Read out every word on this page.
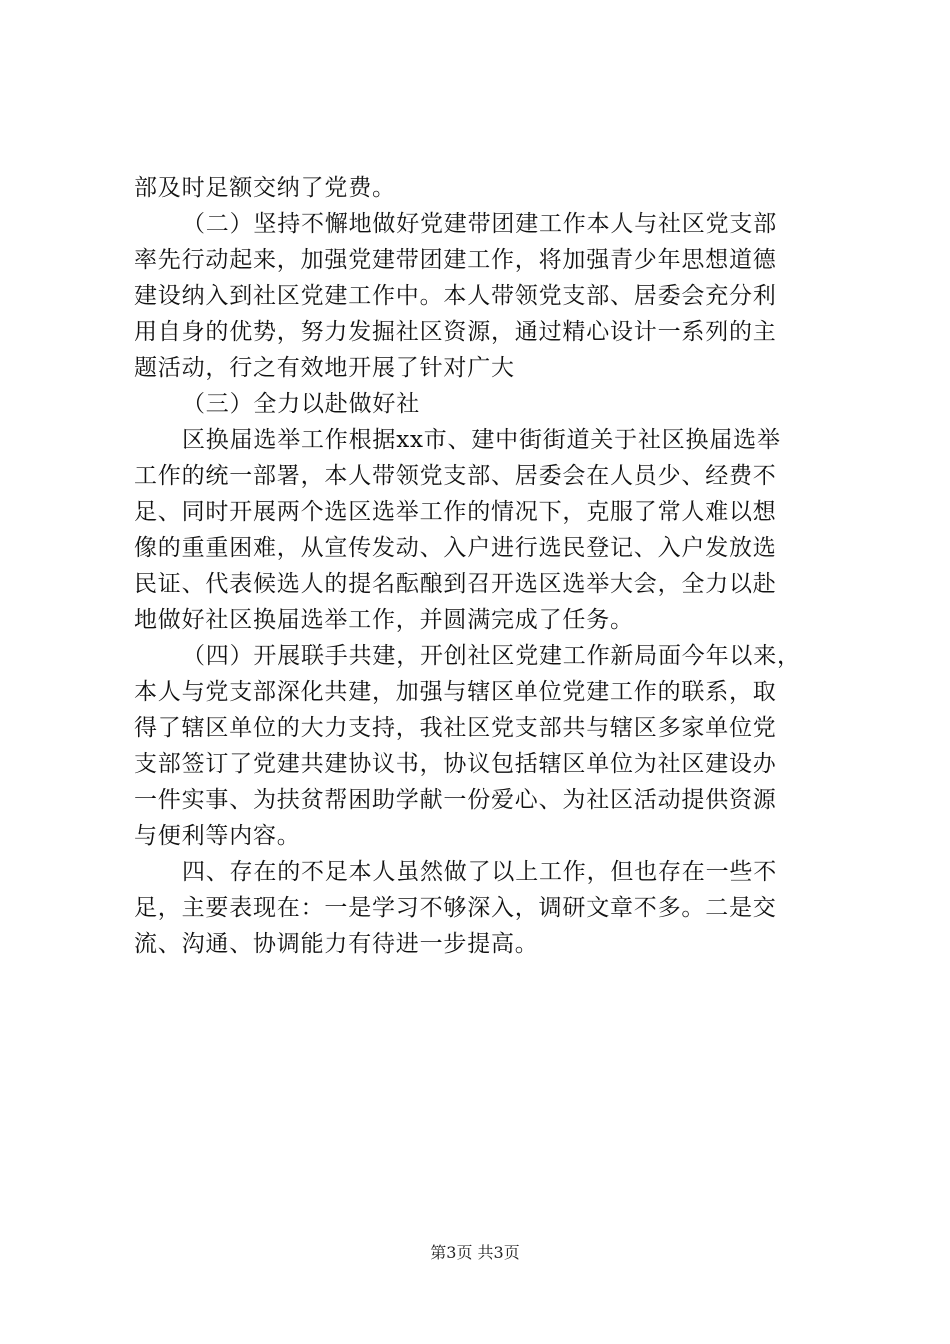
部及时足额交纳了党费。
（二）坚持不懈地做好党建带团建工作本人与社区党支部
率先行动起来，加强党建带团建工作，将加强青少年思想道德
建设纳入到社区党建工作中。本人带领党支部、居委会充分利
用自身的优势，努力发掘社区资源，通过精心设计一系列的主
题活动，行之有效地开展了针对广大
（三）全力以赴做好社
区换届选举工作根据xx市、建中街街道关于社区换届选举
工作的统一部署，本人带领党支部、居委会在人员少、经费不
足、同时开展两个选区选举工作的情况下，克服了常人难以想
像的重重困难，从宣传发动、入户进行选民登记、入户发放选
民证、代表候选人的提名酝酿到召开选区选举大会，全力以赴
地做好社区换届选举工作，并圆满完成了任务。
（四）开展联手共建，开创社区党建工作新局面今年以来，
本人与党支部深化共建，加强与辖区单位党建工作的联系，取
得了辖区单位的大力支持，我社区党支部共与辖区多家单位党
支部签订了党建共建协议书，协议包括辖区单位为社区建设办
一件实事、为扶贫帮困助学献一份爱心、为社区活动提供资源
与便利等内容。
四、存在的不足本人虽然做了以上工作，但也存在一些不
足，主要表现在：一是学习不够深入，调研文章不多。二是交
流、沟通、协调能力有待进一步提高。
第3页 共3页
